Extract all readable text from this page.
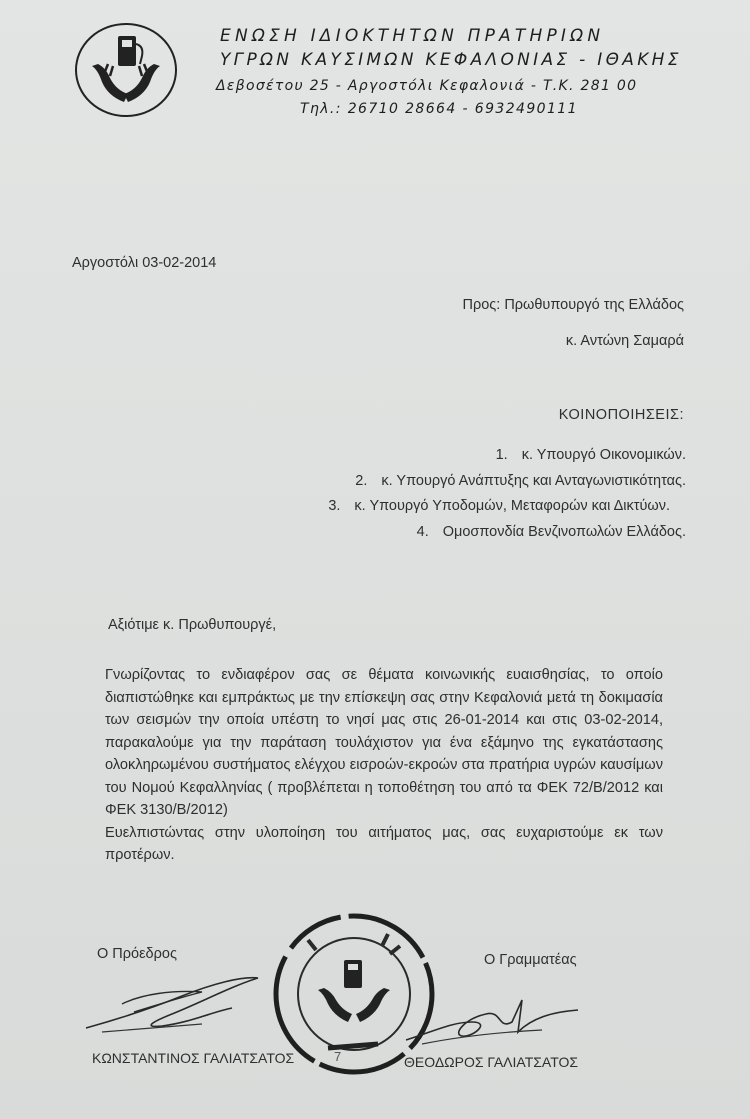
ΕΝΩΣΗ ΙΔΙΟΚΤΗΤΩΝ ΠΡΑΤΗΡΙΩΝ
ΥΓΡΩΝ ΚΑΥΣΙΜΩΝ ΚΕΦΑΛΟΝΙΑΣ - ΙΘΑΚΗΣ
Δεβοσέτου 25 - Αργοστόλι Κεφαλονιά - Τ.Κ. 281 00
Τηλ.: 26710 28664 - 6932490111
Αργοστόλι 03-02-2014
Προς: Πρωθυπουργό της Ελλάδος
κ. Αντώνη Σαμαρά
ΚΟΙΝΟΠΟΙΗΣΕΙΣ:
1. κ. Υπουργό Οικονομικών.
2. κ. Υπουργό Ανάπτυξης και Ανταγωνιστικότητας.
3. κ. Υπουργό Υποδομών, Μεταφορών και Δικτύων.
4. Ομοσπονδία Βενζινοπωλών Ελλάδος.
Αξιότιμε κ. Πρωθυπουργέ,

Γνωρίζοντας το ενδιαφέρον σας σε θέματα κοινωνικής ευαισθησίας, το οποίο διαπιστώθηκε και εμπράκτως με την επίσκεψη σας στην Κεφαλονιά μετά τη δοκιμασία των σεισμών την οποία υπέστη το νησί μας στις 26-01-2014 και στις 03-02-2014, παρακαλούμε για την παράταση τουλάχιστον για ένα εξάμηνο της εγκατάστασης ολοκληρωμένου συστήματος ελέγχου εισροών-εκροών στα πρατήρια υγρών καυσίμων του Νομού Κεφαλληνίας ( προβλέπεται η τοποθέτηση του από τα ΦΕΚ 72/Β/2012 και ΦΕΚ 3130/Β/2012)

Ευελπιστώντας στην υλοποίηση του αιτήματος μας, σας ευχαριστούμε εκ των προτέρων.

Ο Πρόεδρος	Ο Γραμματέας
ΚΩΝΣΤΑΝΤΙΝΟΣ ΓΑΛΙΑΤΣΑΤΟΣ	7	ΘΕΟΔΩΡΟΣ ΓΑΛΙΑΤΣΑΤΟΣ
